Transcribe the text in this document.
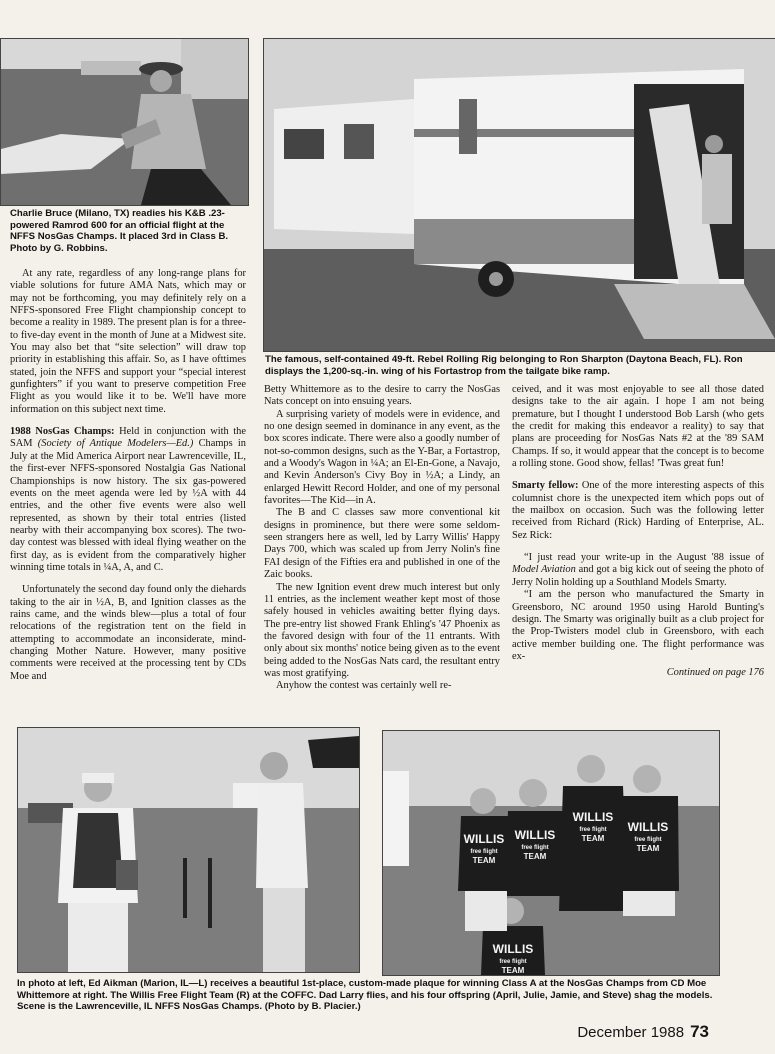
Charlie Bruce (Milano, TX) readies his K&B .23-powered Ramrod 600 for an official flight at the NFFS NosGas Champs. It placed 3rd in Class B. Photo by G. Robbins.

The famous, self-contained 49-ft. Rebel Rolling Rig belonging to Ron Sharpton (Daytona Beach, FL). Ron displays the 1,200-sq.-in. wing of his Fortastrop from the tailgate bike ramp.

At any rate, regardless of any long-range plans for viable solutions for future AMA Nats, which may or may not be forthcoming, you may definitely rely on a NFFS-sponsored Free Flight championship concept to become a reality in 1989. The present plan is for a three- to five-day event in the month of June at a Midwest site. You may also bet that “site selection” will draw top priority in establishing this affair. So, as I have ofttimes stated, join the NFFS and support your “special interest gunfighters” if you want to preserve competition Free Flight as you would like it to be. We'll have more information on this subject next time.

1988 NosGas Champs: Held in conjunction with the SAM (Society of Antique Modelers—Ed.) Champs in July at the Mid America Airport near Lawrenceville, IL, the first-ever NFFS-sponsored Nostalgia Gas National Championships is now history. The six gas-powered events on the meet agenda were led by ½A with 44 entries, and the other five events were also well represented, as shown by their total entries (listed nearby with their accompanying box scores). The two-day contest was blessed with ideal flying weather on the first day, as is evident from the comparatively higher winning time totals in ¼A, A, and C.

Unfortunately the second day found only the diehards taking to the air in ½A, B, and Ignition classes as the rains came, and the winds blew—plus a total of four relocations of the registration tent on the field in attempting to accommodate an inconsiderate, mind-changing Mother Nature. However, many positive comments were received at the processing tent by CDs Moe and

Betty Whittemore as to the desire to carry the NosGas Nats concept on into ensuing years.

A surprising variety of models were in evidence, and no one design seemed in dominance in any event, as the box scores indicate. There were also a goodly number of not-so-common designs, such as the Y-Bar, a Fortastrop, and a Woody's Wagon in ¼A; an El-En-Gone, a Navajo, and Kevin Anderson's Civy Boy in ½A; a Lindy, an enlarged Hewitt Record Holder, and one of my personal favorites—The Kid—in A.

The B and C classes saw more conventional kit designs in prominence, but there were some seldom-seen strangers here as well, led by Larry Willis' Happy Days 700, which was scaled up from Jerry Nolin's fine FAI design of the Fifties era and published in one of the Zaic books.

The new Ignition event drew much interest but only 11 entries, as the inclement weather kept most of those safely housed in vehicles awaiting better flying days. The pre-entry list showed Frank Ehling's '47 Phoenix as the favored design with four of the 11 entrants. With only about six months' notice being given as to the event being added to the NosGas Nats card, the resultant entry was most gratifying.

Anyhow the contest was certainly well re-

ceived, and it was most enjoyable to see all those dated designs take to the air again. I hope I am not being premature, but I thought I understood Bob Larsh (who gets the credit for making this endeavor a reality) to say that plans are proceeding for NosGas Nats #2 at the '89 SAM Champs. If so, it would appear that the concept is to become a rolling stone. Good show, fellas! 'Twas great fun!

Smarty fellow: One of the more interesting aspects of this columnist chore is the unexpected item which pops out of the mailbox on occasion. Such was the following letter received from Richard (Rick) Harding of Enterprise, AL. Sez Rick:

“I just read your write-up in the August '88 issue of Model Aviation and got a big kick out of seeing the photo of Jerry Nolin holding up a Southland Models Smarty.

“I am the person who manufactured the Smarty in Greensboro, NC around 1950 using Harold Bunting's design. The Smarty was originally built as a club project for the Prop-Twisters model club in Greensboro, with each active member building one. The flight performance was ex-

Continued on page 176
WILLIS
free flight
TEAM
WILLIS
free flight
TEAM
WILLIS
free flight
TEAM
WILLIS
free flight
TEAM
WILLIS
free flight
TEAM

In photo at left, Ed Aikman (Marion, IL—L) receives a beautiful 1st-place, custom-made plaque for winning Class A at the NosGas Champs from CD Moe Whittemore at right. The Willis Free Flight Team (R) at the COFFC. Dad Larry flies, and his four offspring (April, Julie, Jamie, and Steve) shag the models. Scene is the Lawrenceville, IL NFFS NosGas Champs. (Photo by B. Placier.)

December 1988 73
